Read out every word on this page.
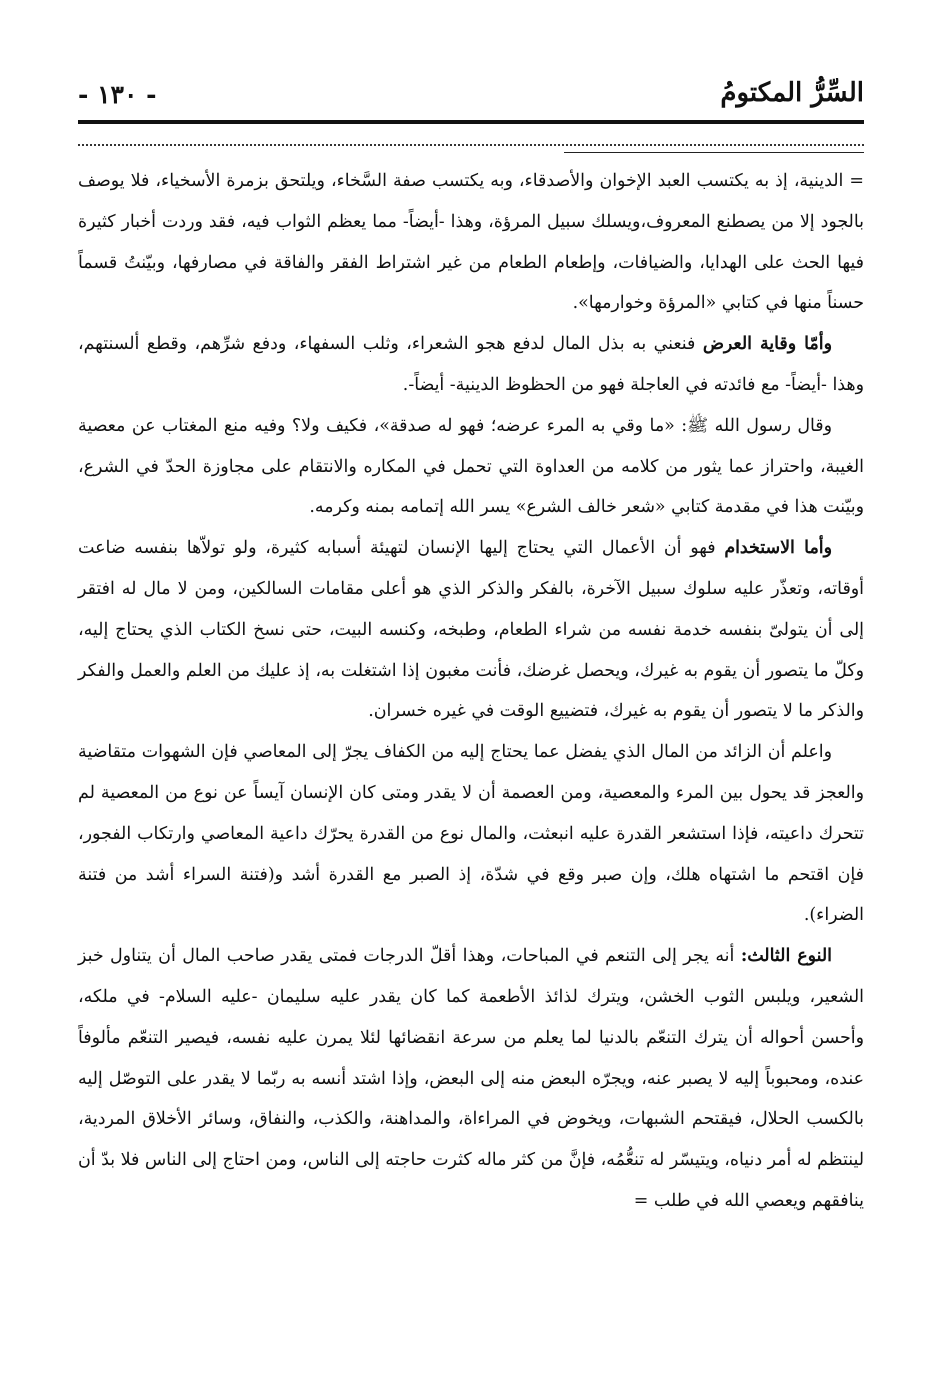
السِّرُّ المكتومُ
- ١٣٠ -

= الدينية، إذ به يكتسب العبد الإخوان والأصدقاء، وبه يكتسب صفة السَّخاء، ويلتحق بزمرة الأسخياء، فلا يوصف بالجود إلا من يصطنع المعروف،ويسلك سبيل المرؤة، وهذا -أيضاً- مما يعظم الثواب فيه، فقد وردت أخبار كثيرة فيها الحث على الهدايا، والضيافات، وإطعام الطعام من غير اشتراط الفقر والفاقة في مصارفها، وبيّنتُ قسماً حسناً منها في كتابي «المرؤة وخوارمها».

وأمّا وقاية العرض فنعني به بذل المال لدفع هجو الشعراء، وثلب السفهاء، ودفع شرِّهم، وقطع ألسنتهم، وهذا -أيضاً- مع فائدته في العاجلة فهو من الحظوظ الدينية- أيضاً-.

وقال رسول الله ﷺ: «ما وقي به المرء عرضه؛ فهو له صدقة»، فكيف ولا؟ وفيه منع المغتاب عن معصية الغيبة، واحتراز عما يثور من كلامه من العداوة التي تحمل في المكاره والانتقام على مجاوزة الحدّ في الشرع، وبيّنت هذا في مقدمة كتابي «شعر خالف الشرع» يسر الله إتمامه بمنه وكرمه.

وأما الاستخدام فهو أن الأعمال التي يحتاج إليها الإنسان لتهيئة أسبابه كثيرة، ولو تولاّها بنفسه ضاعت أوقاته، وتعذّر عليه سلوك سبيل الآخرة، بالفكر والذكر الذي هو أعلى مقامات السالكين، ومن لا مال له افتقر إلى أن يتولىّ بنفسه خدمة نفسه من شراء الطعام، وطبخه، وكنسه البيت، حتى نسخ الكتاب الذي يحتاج إليه، وكلّ ما يتصور أن يقوم به غيرك، ويحصل غرضك، فأنت مغبون إذا اشتغلت به، إذ عليك من العلم والعمل والفكر والذكر ما لا يتصور أن يقوم به غيرك، فتضييع الوقت في غيره خسران.

واعلم أن الزائد من المال الذي يفضل عما يحتاج إليه من الكفاف يجرّ إلى المعاصي فإن الشهوات متقاضية والعجز قد يحول بين المرء والمعصية، ومن العصمة أن لا يقدر ومتى كان الإنسان آيساً عن نوع من المعصية لم تتحرك داعيته، فإذا استشعر القدرة عليه انبعثت، والمال نوع من القدرة يحرّك داعية المعاصي وارتكاب الفجور، فإن اقتحم ما اشتهاه هلك، وإن صبر وقع في شدّة، إذ الصبر مع القدرة أشد و(فتنة السراء أشد من فتنة الضراء).

النوع الثالث: أنه يجر إلى التنعم في المباحات، وهذا أقلّ الدرجات فمتى يقدر صاحب المال أن يتناول خبز الشعير، ويلبس الثوب الخشن، ويترك لذائذ الأطعمة كما كان يقدر عليه سليمان -عليه السلام- في ملكه، وأحسن أحواله أن يترك التنعّم بالدنيا لما يعلم من سرعة انقضائها لئلا يمرن عليه نفسه، فيصير التنعّم مألوفاً عنده، ومحبوباً إليه لا يصبر عنه، ويجرّه البعض منه إلى البعض، وإذا اشتد أنسه به ربّما لا يقدر على التوصّل إليه بالكسب الحلال، فيقتحم الشبهات، ويخوض في المراءاة، والمداهنة، والكذب، والنفاق، وسائر الأخلاق المردية، لينتظم له أمر دنياه، ويتيسّر له تنعُّمُه، فإنَّ من كثر ماله كثرت حاجته إلى الناس، ومن احتاج إلى الناس فلا بدّ أن ينافقهم ويعصي الله في طلب =
